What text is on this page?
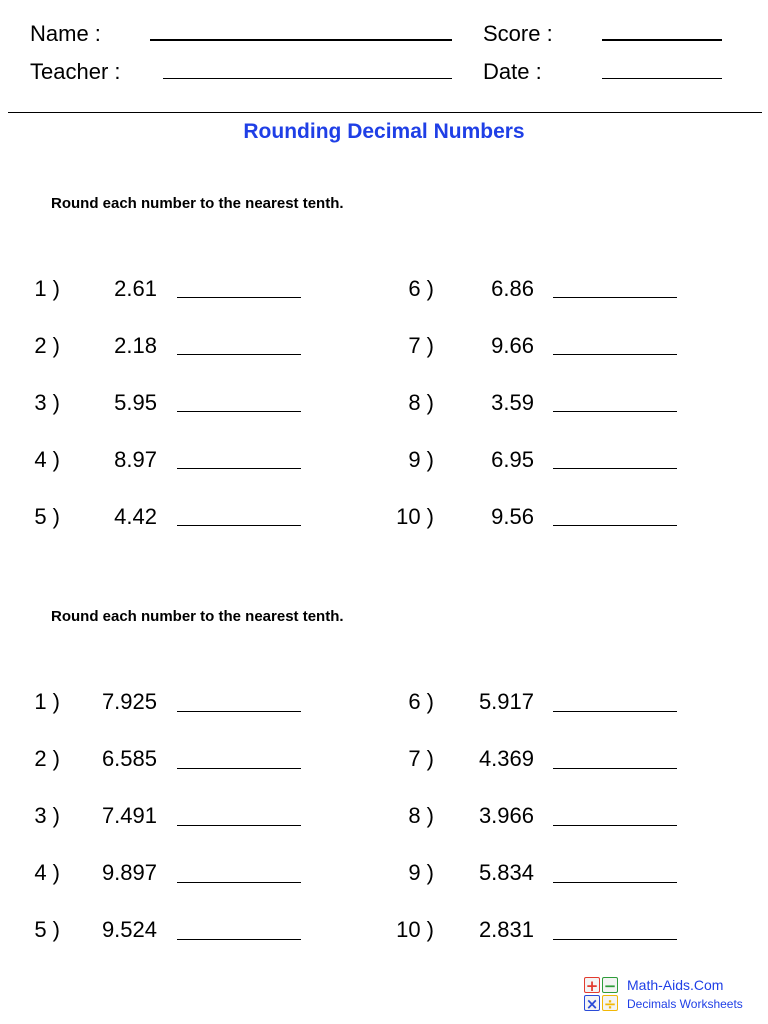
Name :	Score :
Teacher :	Date :
Rounding Decimal Numbers
Round each number to the nearest tenth.
1 )	2.61
2 )	2.18
3 )	5.95
4 )	8.97
5 )	4.42
6 )	6.86
7 )	9.66
8 )	3.59
9 )	6.95
10 )	9.56
Round each number to the nearest tenth.
1 )	7.925
2 )	6.585
3 )	7.491
4 )	9.897
5 )	9.524
6 )	5.917
7 )	4.369
8 )	3.966
9 )	5.834
10 )	2.831
+ −
× ÷
Math-Aids.Com
Decimals Worksheets
